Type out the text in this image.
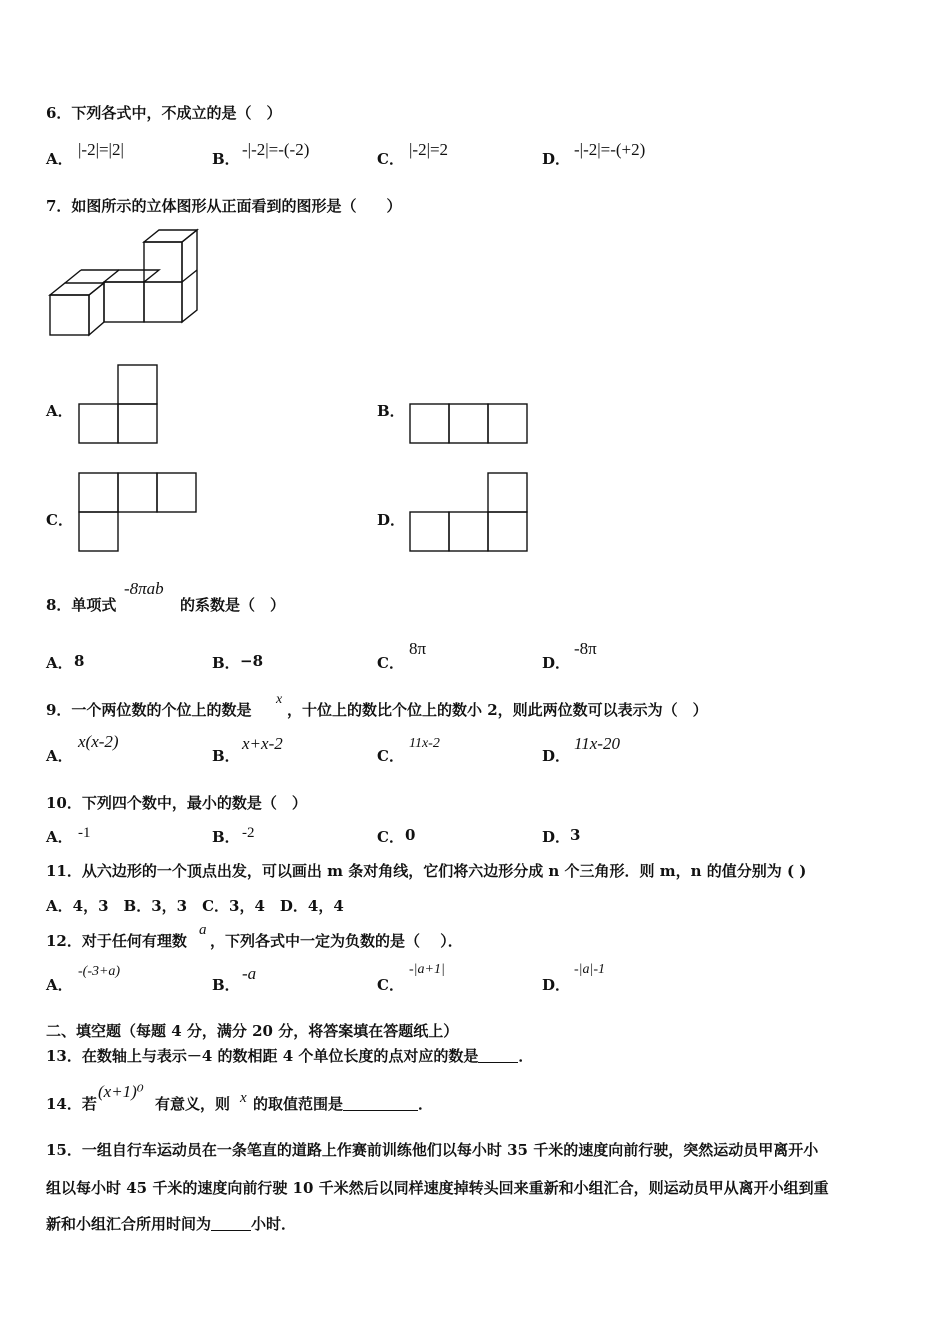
6．下列各式中，不成立的是（　）
A． |-2|=|2|	B． -|-2|=-(-2)	C． |-2|=2	D． -|-2|=-(+2)
7．如图所示的立体图形从正面看到的图形是（　　）
A．	B．
C．	D．
8．单项式
-8πab
的系数是（　）
A． 8	B． −8	C．
8π
D．
-8π
9．一个两位数的个位上的数是
x
，十位上的数比个位上的数小 2，则此两位数可以表示为（　）
A．
x(x-2)
B．
x+x-2
C．
11x-2
D．
11x-20
10．下列四个数中，最小的数是（　）
A． -1	B． -2	C． 0	D． 3
11．从六边形的一个顶点出发，可以画出 m 条对角线，它们将六边形分成 n 个三角形．则 m，n 的值分别为 ( )
A．4，3　B．3，3　C．3，4　D．4，4
12．对于任何有理数
a
，下列各式中一定为负数的是（　 ）．
A．
-(-3+a)
B．
-a
C．
-|a+1|
D．
-|a|-1
二、填空题（每题 4 分，满分 20 分，将答案填在答题纸上）
13．在数轴上与表示－4 的数相距 4 个单位长度的点对应的数是	．
14．若
(x+1)⁰
有意义，则 x 的取值范围是	．
15．一组自行车运动员在一条笔直的道路上作赛前训练他们以每小时 35 千米的速度向前行驶，突然运动员甲离开小
组以每小时 45 千米的速度向前行驶 10 千米然后以同样速度掉转头回来重新和小组汇合，则运动员甲从离开小组到重
新和小组汇合所用时间为	小时．
